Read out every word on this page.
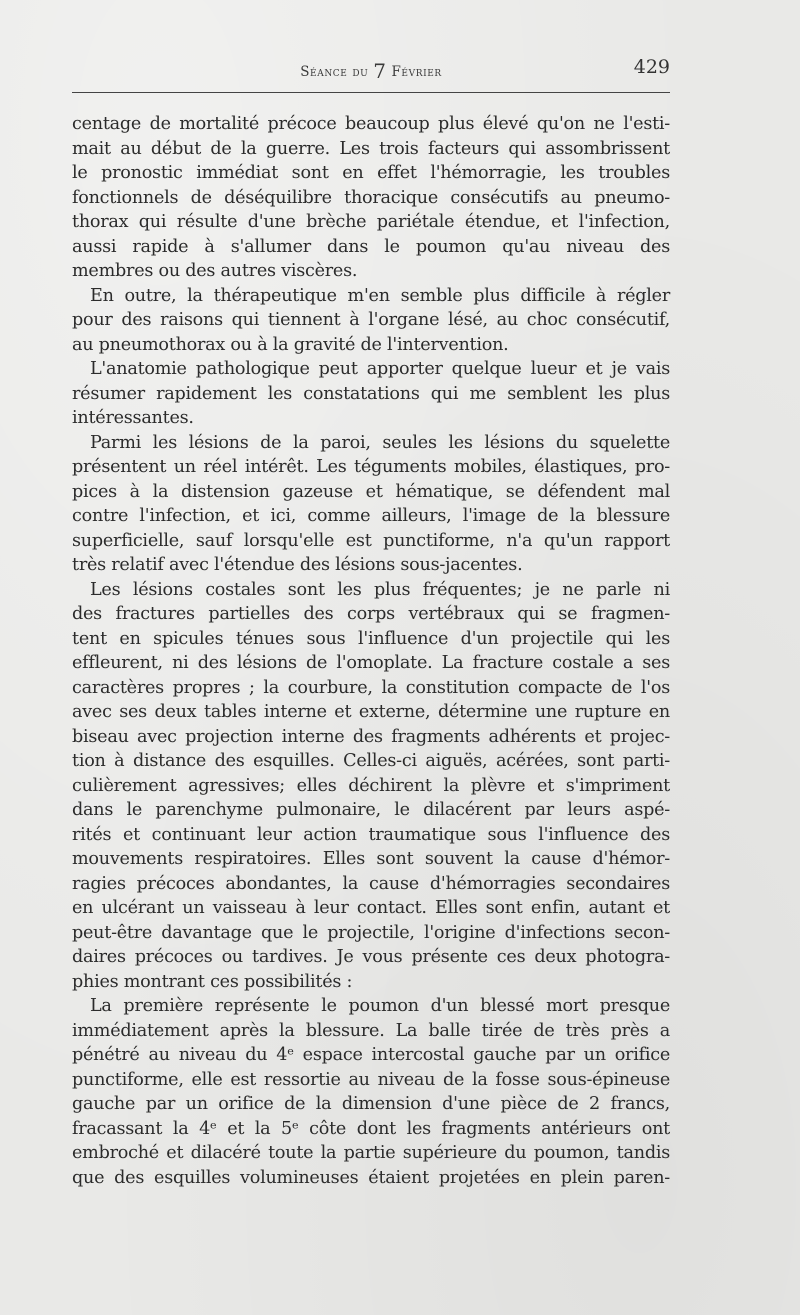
Séance du 7 Février	429
centage de mortalité précoce beaucoup plus élevé qu'on ne l'esti-
mait au début de la guerre. Les trois facteurs qui assombrissent
le pronostic immédiat sont en effet l'hémorragie, les troubles
fonctionnels de déséquilibre thoracique consécutifs au pneumo-
thorax qui résulte d'une brèche pariétale étendue, et l'infection,
aussi rapide à s'allumer dans le poumon qu'au niveau des
membres ou des autres viscères.
En outre, la thérapeutique m'en semble plus difficile à régler
pour des raisons qui tiennent à l'organe lésé, au choc consécutif,
au pneumothorax ou à la gravité de l'intervention.
L'anatomie pathologique peut apporter quelque lueur et je vais
résumer rapidement les constatations qui me semblent les plus
intéressantes.
Parmi les lésions de la paroi, seules les lésions du squelette
présentent un réel intérêt. Les téguments mobiles, élastiques, pro-
pices à la distension gazeuse et hématique, se défendent mal
contre l'infection, et ici, comme ailleurs, l'image de la blessure
superficielle, sauf lorsqu'elle est punctiforme, n'a qu'un rapport
très relatif avec l'étendue des lésions sous-jacentes.
Les lésions costales sont les plus fréquentes; je ne parle ni
des fractures partielles des corps vertébraux qui se fragmen-
tent en spicules ténues sous l'influence d'un projectile qui les
effleurent, ni des lésions de l'omoplate. La fracture costale a ses
caractères propres ; la courbure, la constitution compacte de l'os
avec ses deux tables interne et externe, détermine une rupture en
biseau avec projection interne des fragments adhérents et projec-
tion à distance des esquilles. Celles-ci aiguës, acérées, sont parti-
culièrement agressives; elles déchirent la plèvre et s'impriment
dans le parenchyme pulmonaire, le dilacérent par leurs aspé-
rités et continuant leur action traumatique sous l'influence des
mouvements respiratoires. Elles sont souvent la cause d'hémor-
ragies précoces abondantes, la cause d'hémorragies secondaires
en ulcérant un vaisseau à leur contact. Elles sont enfin, autant et
peut-être davantage que le projectile, l'origine d'infections secon-
daires précoces ou tardives. Je vous présente ces deux photogra-
phies montrant ces possibilités :
La première représente le poumon d'un blessé mort presque
immédiatement après la blessure. La balle tirée de très près a
pénétré au niveau du 4ᵉ espace intercostal gauche par un orifice
punctiforme, elle est ressortie au niveau de la fosse sous-épineuse
gauche par un orifice de la dimension d'une pièce de 2 francs,
fracassant la 4ᵉ et la 5ᵉ côte dont les fragments antérieurs ont
embroché et dilacéré toute la partie supérieure du poumon, tandis
que des esquilles volumineuses étaient projetées en plein paren-
